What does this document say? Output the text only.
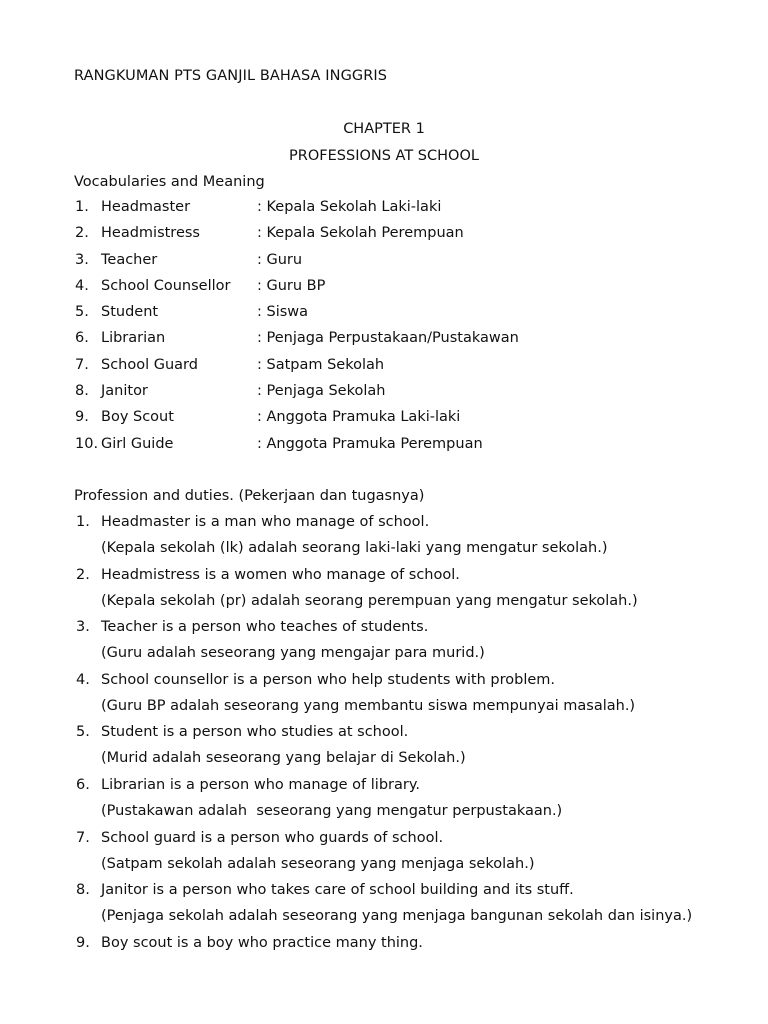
RANGKUMAN PTS GANJIL BAHASA INGGRIS
CHAPTER 1
PROFESSIONS AT SCHOOL
Vocabularies and Meaning
1. Headmaster	: Kepala Sekolah Laki-laki
2. Headmistress	: Kepala Sekolah Perempuan
3. Teacher	: Guru
4. School Counsellor : Guru BP
5. Student	: Siswa
6. Librarian	: Penjaga Perpustakaan/Pustakawan
7. School Guard	: Satpam Sekolah
8. Janitor	: Penjaga Sekolah
9. Boy Scout	: Anggota Pramuka Laki-laki
10. Girl Guide	: Anggota Pramuka Perempuan
Profession and duties. (Pekerjaan dan tugasnya)
1. Headmaster is a man who manage of school.
(Kepala sekolah (lk) adalah seorang laki-laki yang mengatur sekolah.)
2. Headmistress is a women who manage of school.
(Kepala sekolah (pr) adalah seorang perempuan yang mengatur sekolah.)
3. Teacher is a person who teaches of students.
(Guru adalah seseorang yang mengajar para murid.)
4. School counsellor is a person who help students with problem.
(Guru BP adalah seseorang yang membantu siswa mempunyai masalah.)
5. Student is a person who studies at school.
(Murid adalah seseorang yang belajar di Sekolah.)
6. Librarian is a person who manage of library.
(Pustakawan adalah  seseorang yang mengatur perpustakaan.)
7. School guard is a person who guards of school.
(Satpam sekolah adalah seseorang yang menjaga sekolah.)
8. Janitor is a person who takes care of school building and its stuff.
(Penjaga sekolah adalah seseorang yang menjaga bangunan sekolah dan isinya.)
9. Boy scout is a boy who practice many thing.
